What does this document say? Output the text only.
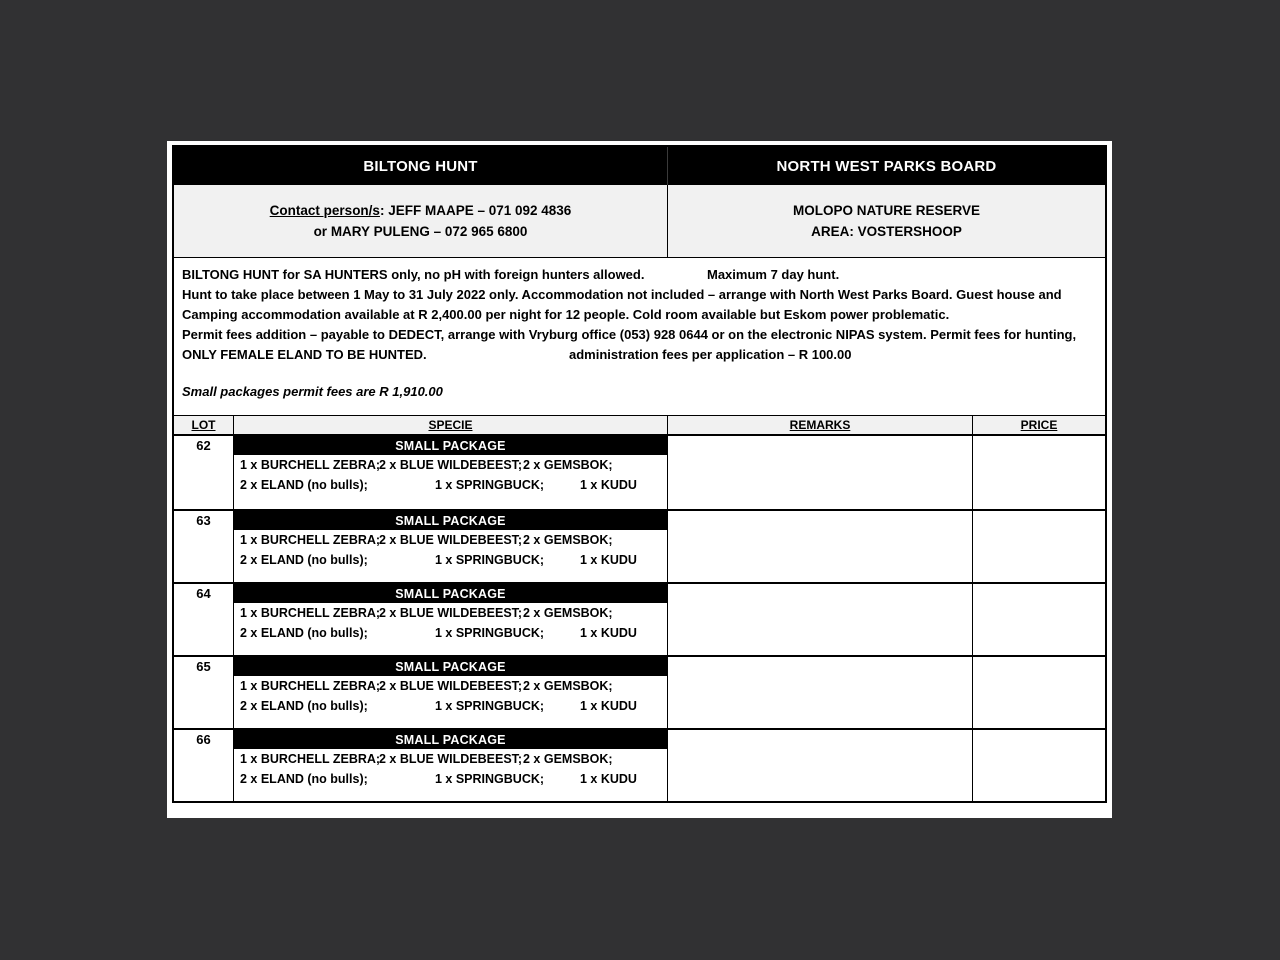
BILTONG HUNT	NORTH WEST PARKS BOARD
Contact person/s: JEFF MAAPE – 071 092 4836
or MARY PULENG – 072 965 6800
MOLOPO NATURE RESERVE
AREA: VOSTERSHOOP
BILTONG HUNT for SA HUNTERS only, no pH with foreign hunters allowed.	Maximum 7 day hunt.
Hunt to take place between 1 May to 31 July 2022 only. Accommodation not included – arrange with North West Parks Board. Guest house and
Camping accommodation available at R 2,400.00 per night for 12 people. Cold room available but Eskom power problematic.
Permit fees addition – payable to DEDECT, arrange with Vryburg office (053) 928 0644 or on the electronic NIPAS system. Permit fees for hunting,
ONLY FEMALE ELAND TO BE HUNTED.	administration fees per application – R 100.00
Small packages permit fees are R 1,910.00
LOT	SPECIE	REMARKS	PRICE
62	SMALL PACKAGE
1 x BURCHELL ZEBRA;
2 x BLUE WILDEBEEST; 2 x GEMSBOK;
2 x ELAND (no bulls);	1 x SPRINGBUCK;	1 x KUDU
63	SMALL PACKAGE
1 x BURCHELL ZEBRA;
2 x BLUE WILDEBEEST; 2 x GEMSBOK;
2 x ELAND (no bulls);	1 x SPRINGBUCK;	1 x KUDU
64	SMALL PACKAGE
1 x BURCHELL ZEBRA;
2 x BLUE WILDEBEEST; 2 x GEMSBOK;
2 x ELAND (no bulls);	1 x SPRINGBUCK;	1 x KUDU
65	SMALL PACKAGE
1 x BURCHELL ZEBRA;
2 x BLUE WILDEBEEST; 2 x GEMSBOK;
2 x ELAND (no bulls);	1 x SPRINGBUCK;	1 x KUDU
66	SMALL PACKAGE
1 x BURCHELL ZEBRA;
2 x BLUE WILDEBEEST; 2 x GEMSBOK;
2 x ELAND (no bulls);	1 x SPRINGBUCK;	1 x KUDU
